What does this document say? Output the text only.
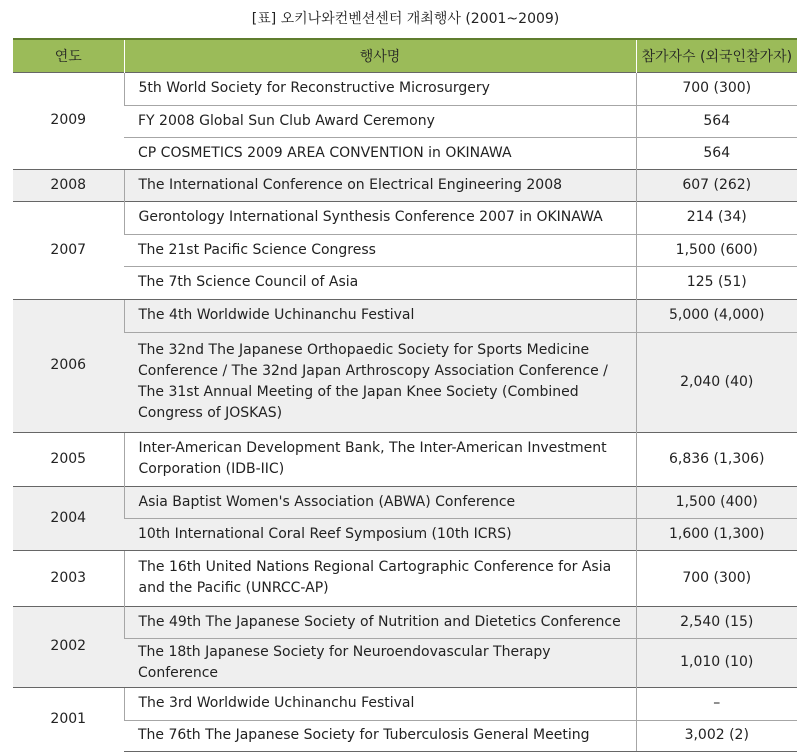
[표] 오키나와컨벤션센터 개최행사 (2001~2009)
연도	행사명	참가자수 (외국인참가자)
2009	5th World Society for Reconstructive Microsurgery	700 (300)
	FY 2008 Global Sun Club Award Ceremony	564
	CP COSMETICS 2009 AREA CONVENTION in OKINAWA	564
2008	The International Conference on Electrical Engineering 2008	607 (262)
2007	Gerontology International Synthesis Conference 2007 in OKINAWA	214 (34)
	The 21st Pacific Science Congress	1,500 (600)
	The 7th Science Council of Asia	125 (51)
2006	The 4th Worldwide Uchinanchu Festival	5,000 (4,000)
	The 32nd The Japanese Orthopaedic Society for Sports Medicine Conference / The 32nd Japan Arthroscopy Association Conference / The 31st Annual Meeting of the Japan Knee Society (Combined Congress of JOSKAS)	2,040 (40)
2005	Inter-American Development Bank, The Inter-American Investment Corporation (IDB-IIC)	6,836 (1,306)
2004	Asia Baptist Women's Association (ABWA) Conference	1,500 (400)
	10th International Coral Reef Symposium (10th ICRS)	1,600 (1,300)
2003	The 16th United Nations Regional Cartographic Conference for Asia and the Pacific (UNRCC-AP)	700 (300)
2002	The 49th The Japanese Society of Nutrition and Dietetics Conference	2,540 (15)
	The 18th Japanese Society for Neuroendovascular Therapy Conference	1,010 (10)
2001	The 3rd Worldwide Uchinanchu Festival	–
	The 76th The Japanese Society for Tuberculosis General Meeting	3,002 (2)
